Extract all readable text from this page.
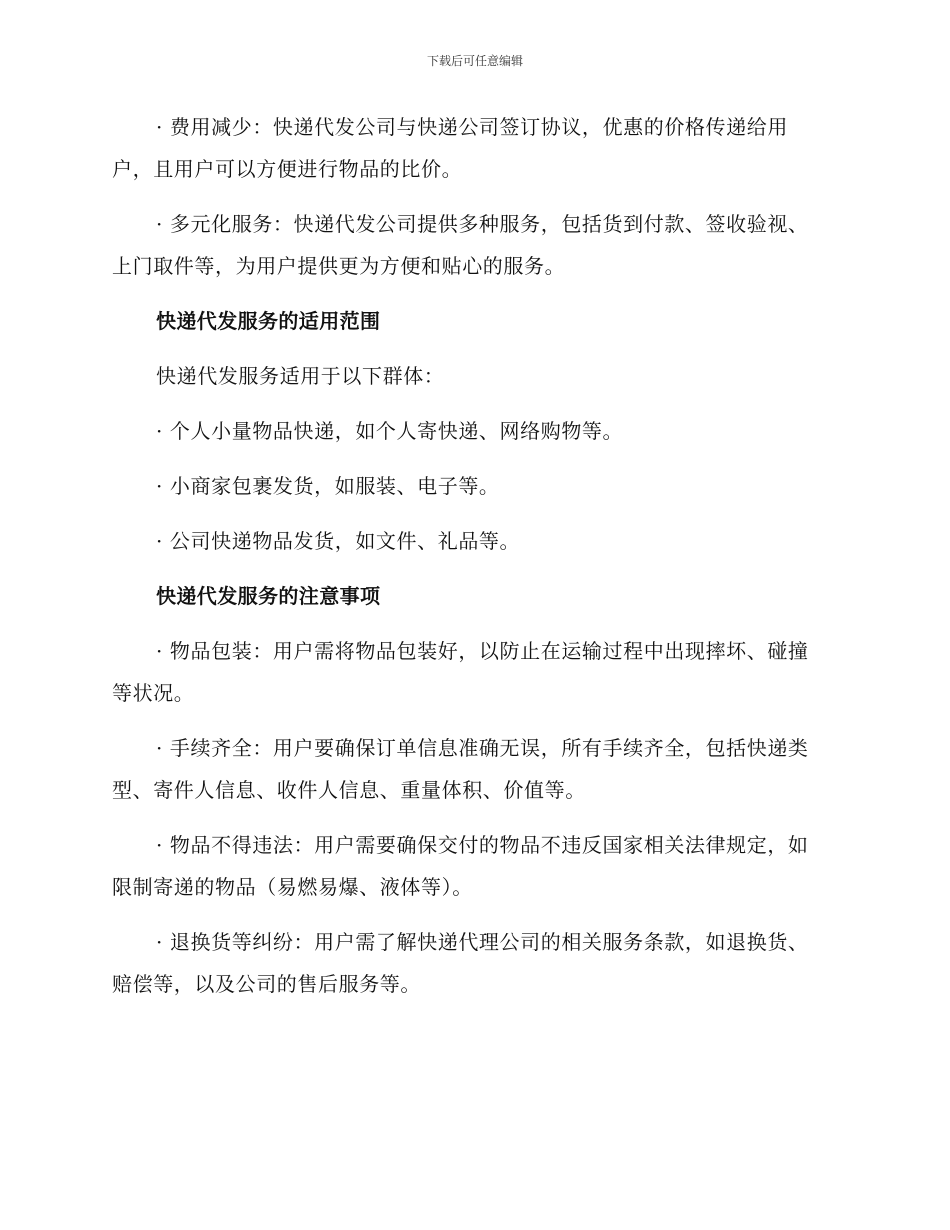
下载后可任意编辑

· 费用减少：快递代发公司与快递公司签订协议，优惠的价格传递给用户，且用户可以方便进行物品的比价。

· 多元化服务：快递代发公司提供多种服务，包括货到付款、签收验视、上门取件等，为用户提供更为方便和贴心的服务。

快递代发服务的适用范围

快递代发服务适用于以下群体：

· 个人小量物品快递，如个人寄快递、网络购物等。

· 小商家包裹发货，如服装、电子等。

· 公司快递物品发货，如文件、礼品等。

快递代发服务的注意事项

· 物品包装：用户需将物品包装好，以防止在运输过程中出现摔坏、碰撞等状况。

· 手续齐全：用户要确保订单信息准确无误，所有手续齐全，包括快递类型、寄件人信息、收件人信息、重量体积、价值等。

· 物品不得违法：用户需要确保交付的物品不违反国家相关法律规定，如限制寄递的物品（易燃易爆、液体等）。

· 退换货等纠纷：用户需了解快递代理公司的相关服务条款，如退换货、赔偿等，以及公司的售后服务等。
